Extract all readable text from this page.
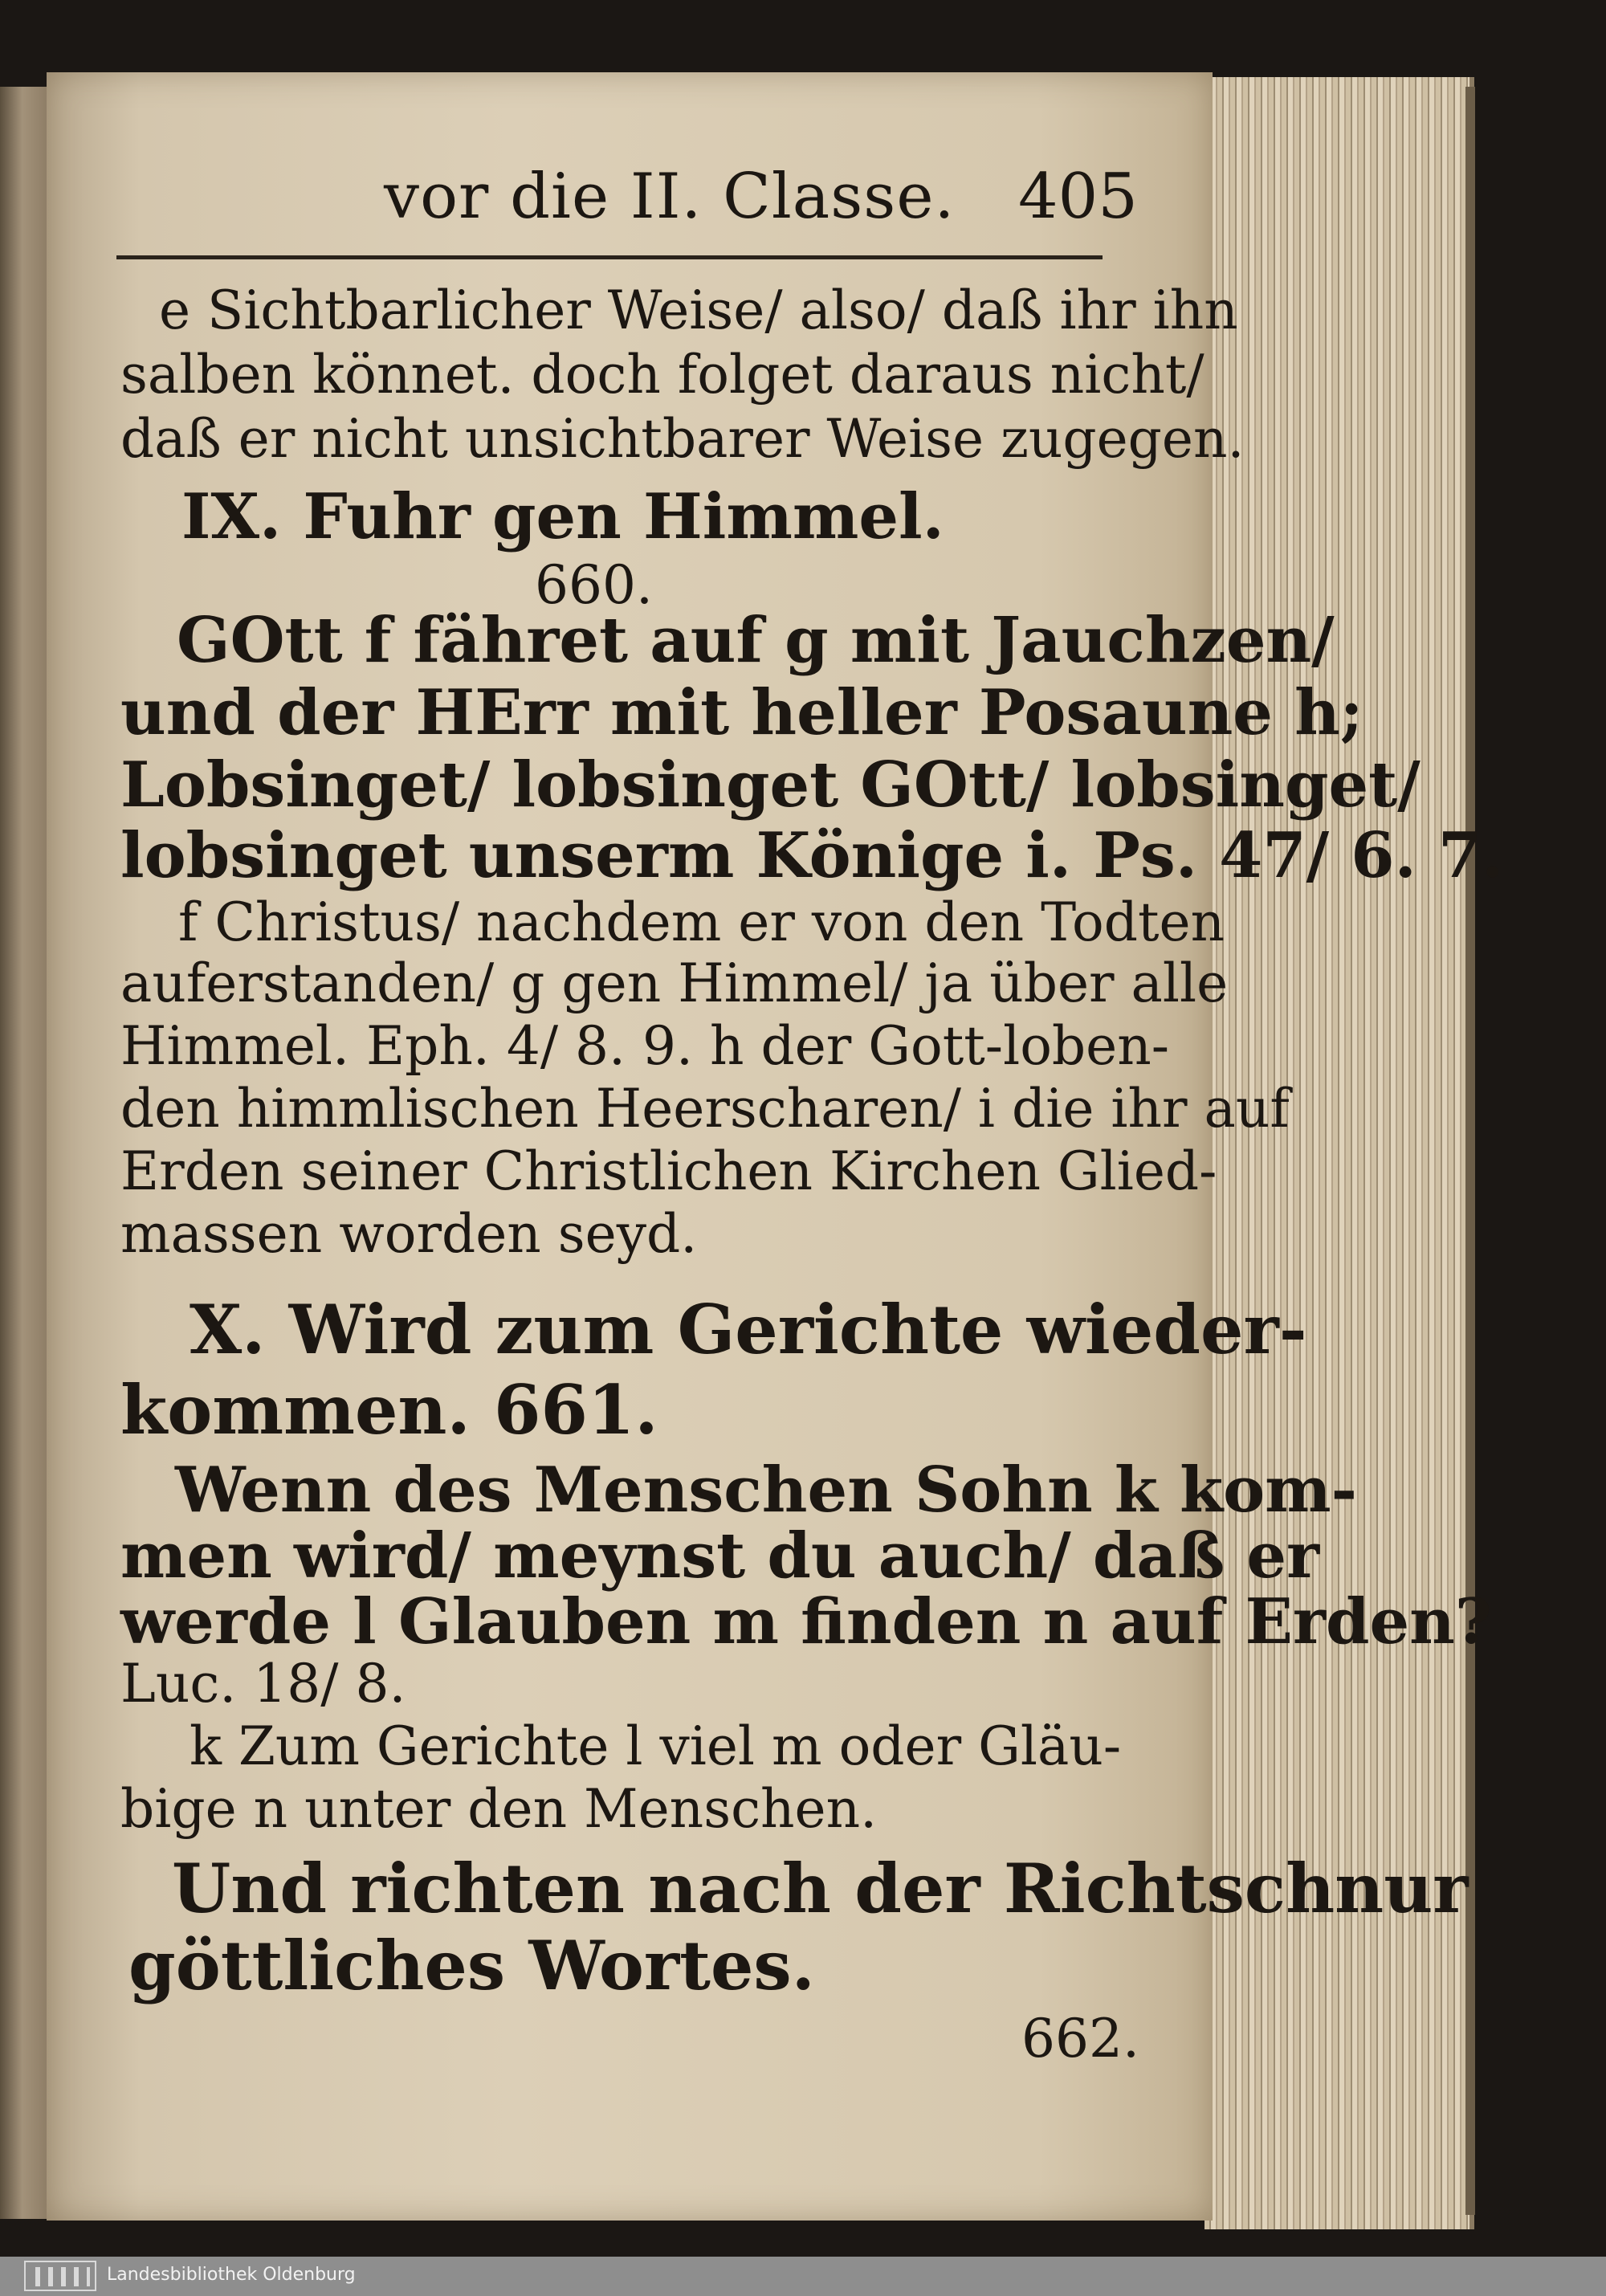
vor die II. Classe. 405
e Sichtbarlicher Weise/ also/ daß ihr ihn
salben könnet. doch folget daraus nicht/
daß er nicht unsichtbarer Weise zugegen.
IX. Fuhr gen Himmel.
660.
GOtt f fähret auf g mit Jauchzen/
und der HErr mit heller Posaune h;
Lobsinget/ lobsinget GOtt/ lobsinget/
lobsinget unserm Könige i. Ps. 47/ 6. 7.
f Christus/ nachdem er von den Todten
auferstanden/ g gen Himmel/ ja über alle
Himmel. Eph. 4/ 8. 9. h der Gott-loben-
den himmlischen Heerscharen/ i die ihr auf
Erden seiner Christlichen Kirchen Glied-
massen worden seyd.
X. Wird zum Gerichte wieder-
kommen. 661.
Wenn des Menschen Sohn k kom-
men wird/ meynst du auch/ daß er
werde l Glauben m finden n auf Erden?
Luc. 18/ 8.
k Zum Gerichte l viel m oder Gläu-
bige n unter den Menschen.
Und richten nach der Richtschnur
göttliches Wortes.
662.
Landesbibliothek Oldenburg
